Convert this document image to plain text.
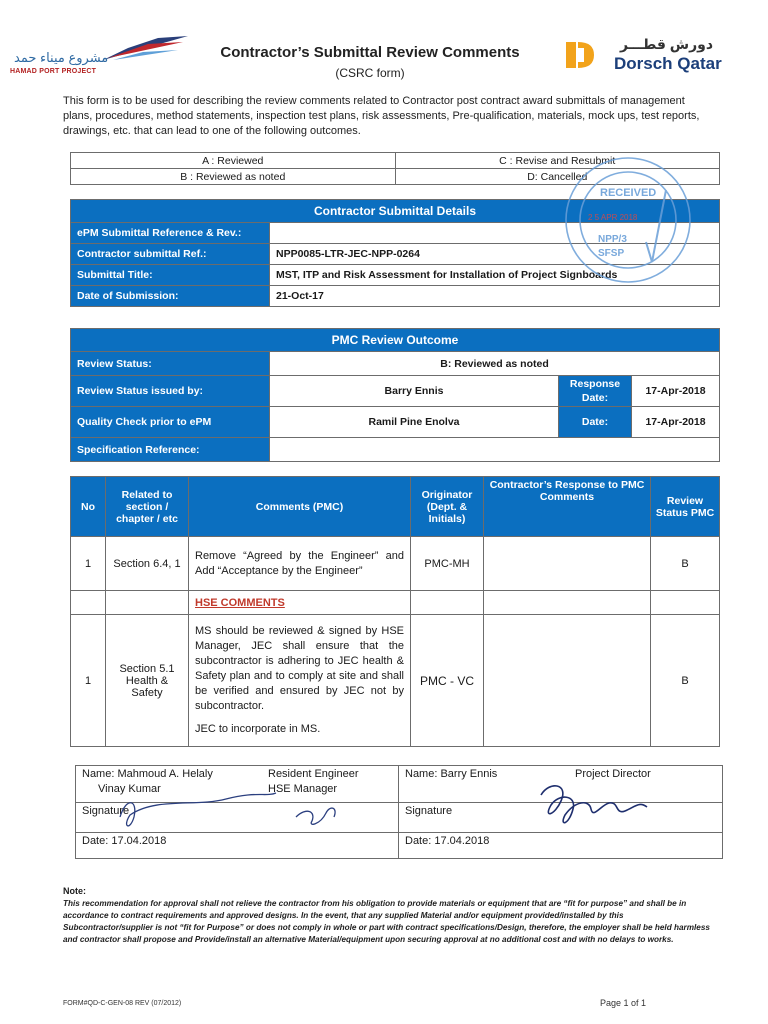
مشروع ميناء حمد
HAMAD PORT PROJECT
Contractor’s Submittal Review Comments
(CSRC form)
دورش قطـــر
Dorsch Qatar
This form is to be used for describing the review comments related to Contractor post contract award submittals of management plans, procedures, method statements, inspection test plans, risk assessments, Pre-qualification, materials, mock ups, test reports, drawings, etc. that can lead to one of the following outcomes.
A : Reviewed	C : Revise and Resubmit
B : Reviewed as noted	D: Cancelled
Contractor Submittal Details	
ePM Submittal Reference & Rev.:	
Contractor submittal Ref.:	NPP0085-LTR-JEC-NPP-0264
Submittal Title:	MST, ITP and Risk Assessment for Installation of Project Signboards
Date of Submission:	21-Oct-17
RECEIVED
2 5 APR 2018
NPP/3
SFSP
PMC Review Outcome			
Review Status:	B: Reviewed as noted		
Review Status issued by:	Barry Ennis	Response Date:	17-Apr-2018
Quality Check prior to ePM	Ramil Pine Enolva	Date:	17-Apr-2018
Specification Reference:			
No	Related to section / chapter / etc	Comments (PMC)	Originator (Dept. & Initials)	Contractor’s Response to PMC Comments	Review Status PMC
1	Section 6.4, 1	Remove “Agreed by the Engineer” and Add “Acceptance by the Engineer”	PMC-MH		B
		HSE COMMENTS			
1	Section 5.1 Health & Safety	MS should be reviewed & signed by HSE Manager, JEC shall ensure that the subcontractor is adhering to JEC health & Safety plan and to comply at site and shall be verified and ensured by JEC not by subcontractor.
JEC to incorporate in MS.	PMC - VC		B
Name: Mahmoud A. Helaly
Vinay Kumar
Resident Engineer
HSE Manager	Name: Barry Ennis Project Director

Signature	Signature

Date: 17.04.2018	Date: 17.04.2018
Note:
This recommendation for approval shall not relieve the contractor from his obligation to provide materials or equipment that are “fit for purpose” and shall be in accordance to contract requirements and approved designs. In the event, that any supplied Material and/or equipment provided/installed by this Subcontractor/supplier is not “fit for Purpose” or does not comply in whole or part with contract specifications/Design, therefore, the employer shall be held harmless and contractor shall propose and Provide/install an alternative Material/equipment upon securing approval at no additional cost and with no delays to works.
FORM#QD-C-GEN-08 REV (07/2012)	Page 1 of 1
